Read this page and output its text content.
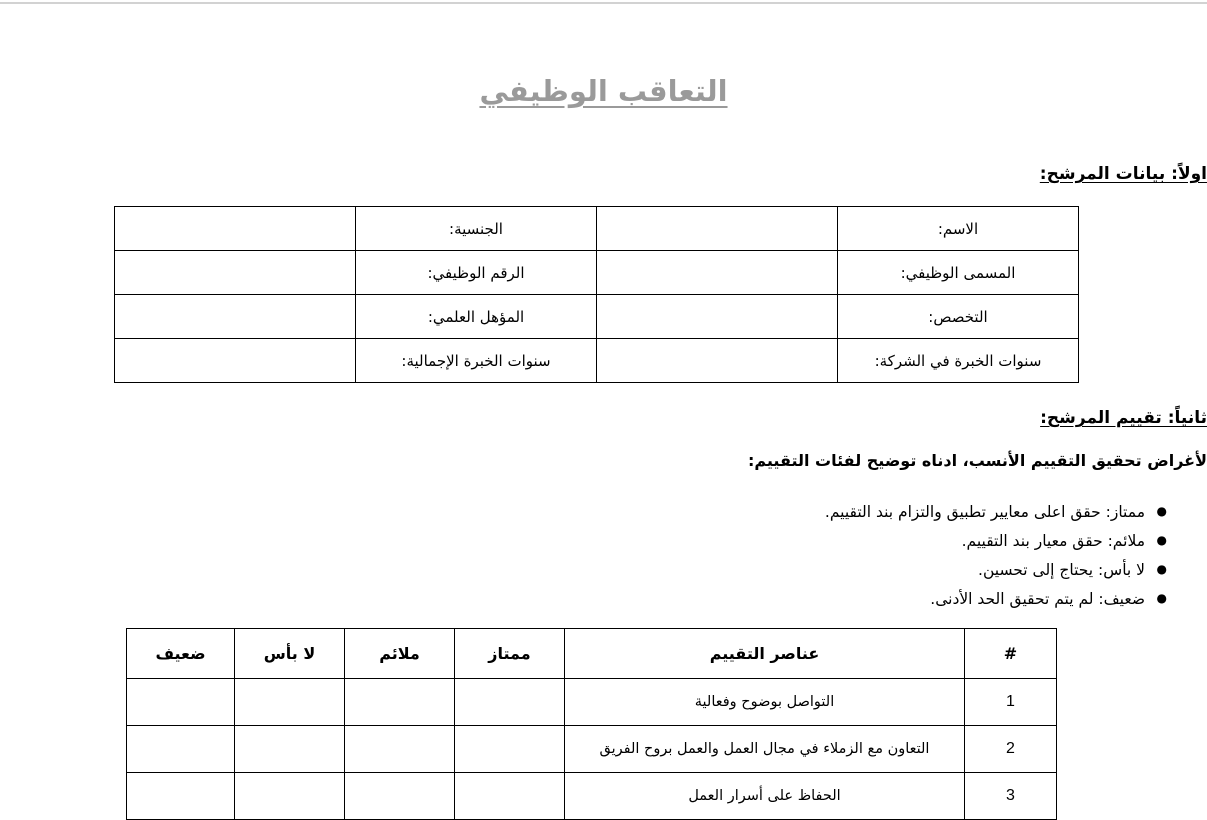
التعاقب الوظيفي
اولاً: بيانات المرشح:
الاسم:		الجنسية:	
المسمى الوظيفي:		الرقم الوظيفي:	
التخصص:		المؤهل العلمي:	
سنوات الخبرة في الشركة:		سنوات الخبرة الإجمالية:	
ثانياً: تقييم المرشح:
لأغراض تحقيق التقييم الأنسب، ادناه توضيح لفئات التقييم:
● ممتاز: حقق اعلى معايير تطبيق والتزام بند التقييم.
● ملائم: حقق معيار بند التقييم.
● لا بأس: يحتاج إلى تحسين.
● ضعيف: لم يتم تحقيق الحد الأدنى.
#	عناصر التقييم	ممتاز	ملائم	لا بأس	ضعيف
1	التواصل بوضوح وفعالية				
2	التعاون مع الزملاء في مجال العمل والعمل بروح الفريق				
3	الحفاظ على أسرار العمل				
